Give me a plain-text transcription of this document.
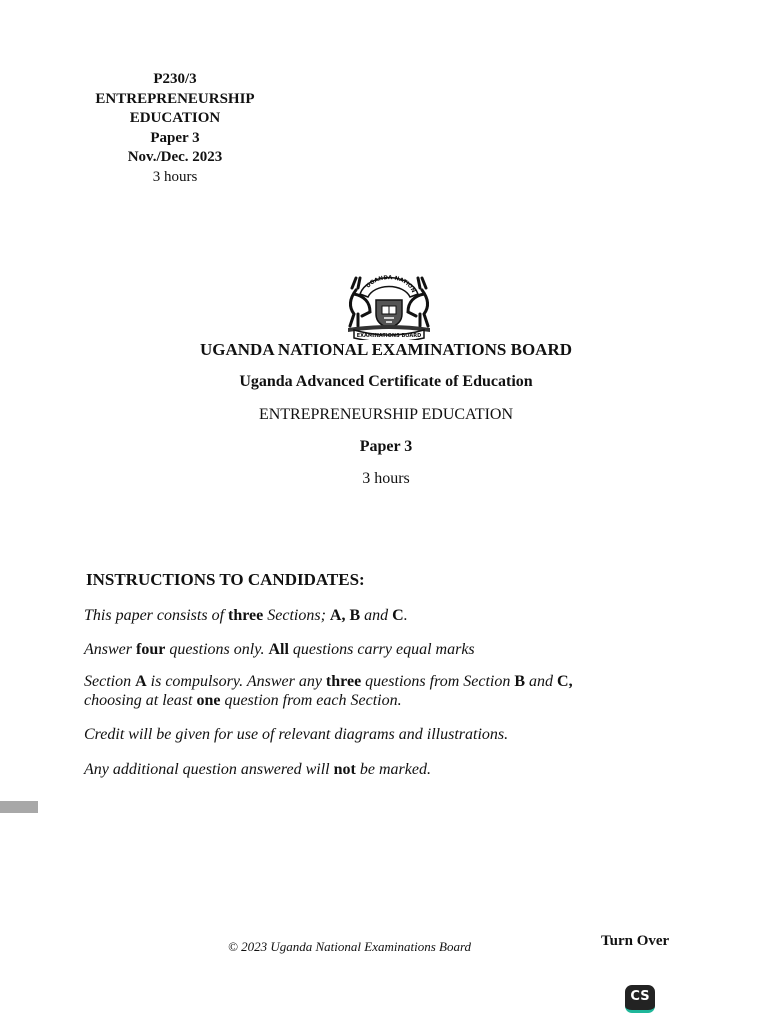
P230/3
ENTREPRENEURSHIP
EDUCATION
Paper 3
Nov./Dec. 2023
3 hours
UGANDA NATION
EXAMINATIONS BOARD
UGANDA NATIONAL EXAMINATIONS BOARD
Uganda Advanced Certificate of Education
ENTREPRENEURSHIP EDUCATION
Paper 3
3 hours
INSTRUCTIONS TO CANDIDATES:
This paper consists of three Sections; A, B and C.
Answer four questions only. All questions carry equal marks
Section A is compulsory. Answer any three questions from Section B and C,
choosing at least one question from each Section.
Credit will be given for use of relevant diagrams and illustrations.
Any additional question answered will not be marked.
© 2023 Uganda National Examinations Board	Turn Over
CS
